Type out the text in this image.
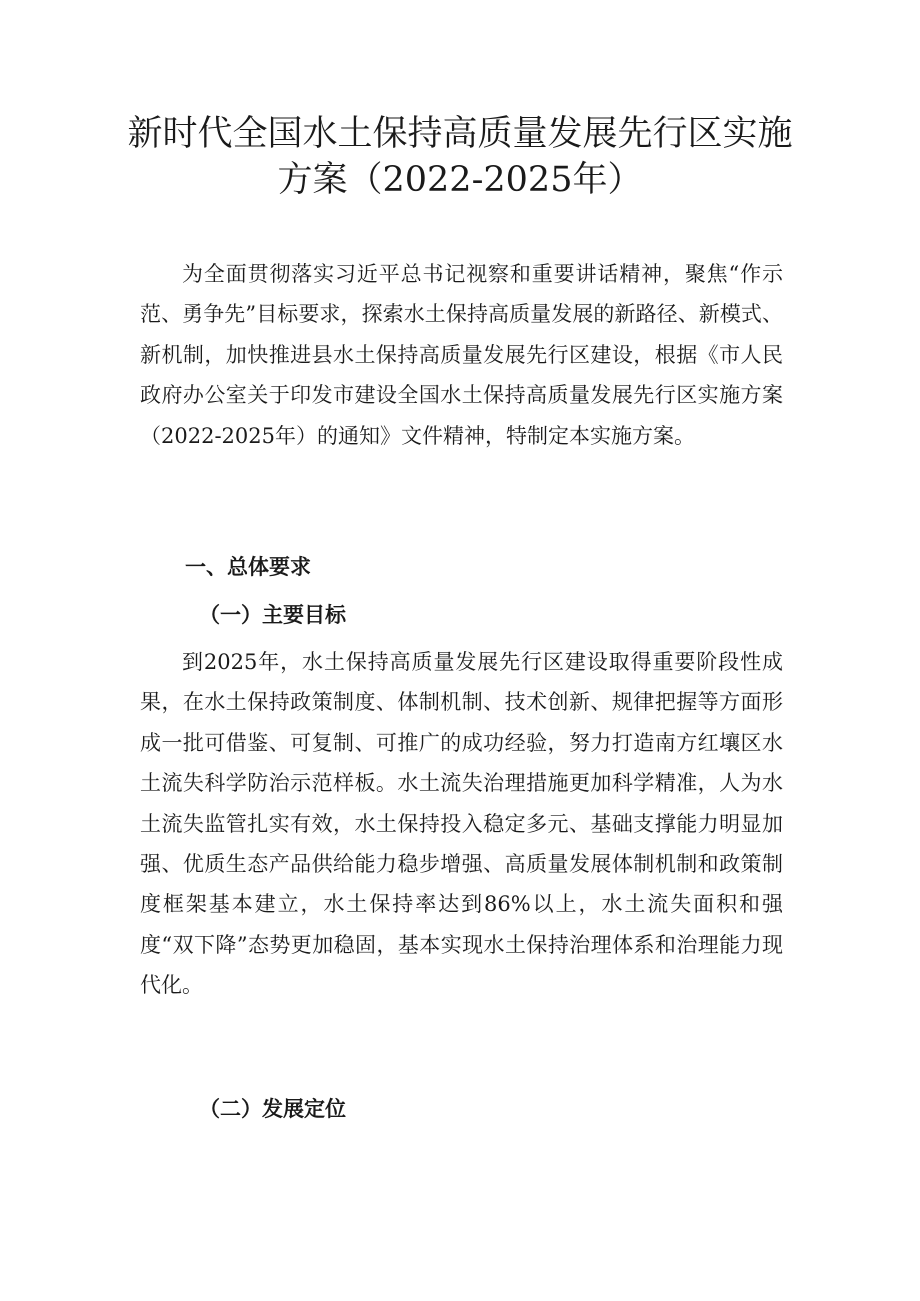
新时代全国水土保持高质量发展先行区实施
方案（2022-2025年）

为全面贯彻落实习近平总书记视察和重要讲话精神，聚焦“作示范、勇争先”目标要求，探索水土保持高质量发展的新路径、新模式、新机制，加快推进县水土保持高质量发展先行区建设，根据《市人民政府办公室关于印发市建设全国水土保持高质量发展先行区实施方案（2022-2025年）的通知》文件精神，特制定本实施方案。

一、总体要求
（一）主要目标

到2025年，水土保持高质量发展先行区建设取得重要阶段性成果，在水土保持政策制度、体制机制、技术创新、规律把握等方面形成一批可借鉴、可复制、可推广的成功经验，努力打造南方红壤区水土流失科学防治示范样板。水土流失治理措施更加科学精准，人为水土流失监管扎实有效，水土保持投入稳定多元、基础支撑能力明显加强、优质生态产品供给能力稳步增强、高质量发展体制机制和政策制度框架基本建立，水土保持率达到86%以上，水土流失面积和强度“双下降”态势更加稳固，基本实现水土保持治理体系和治理能力现代化。

（二）发展定位
